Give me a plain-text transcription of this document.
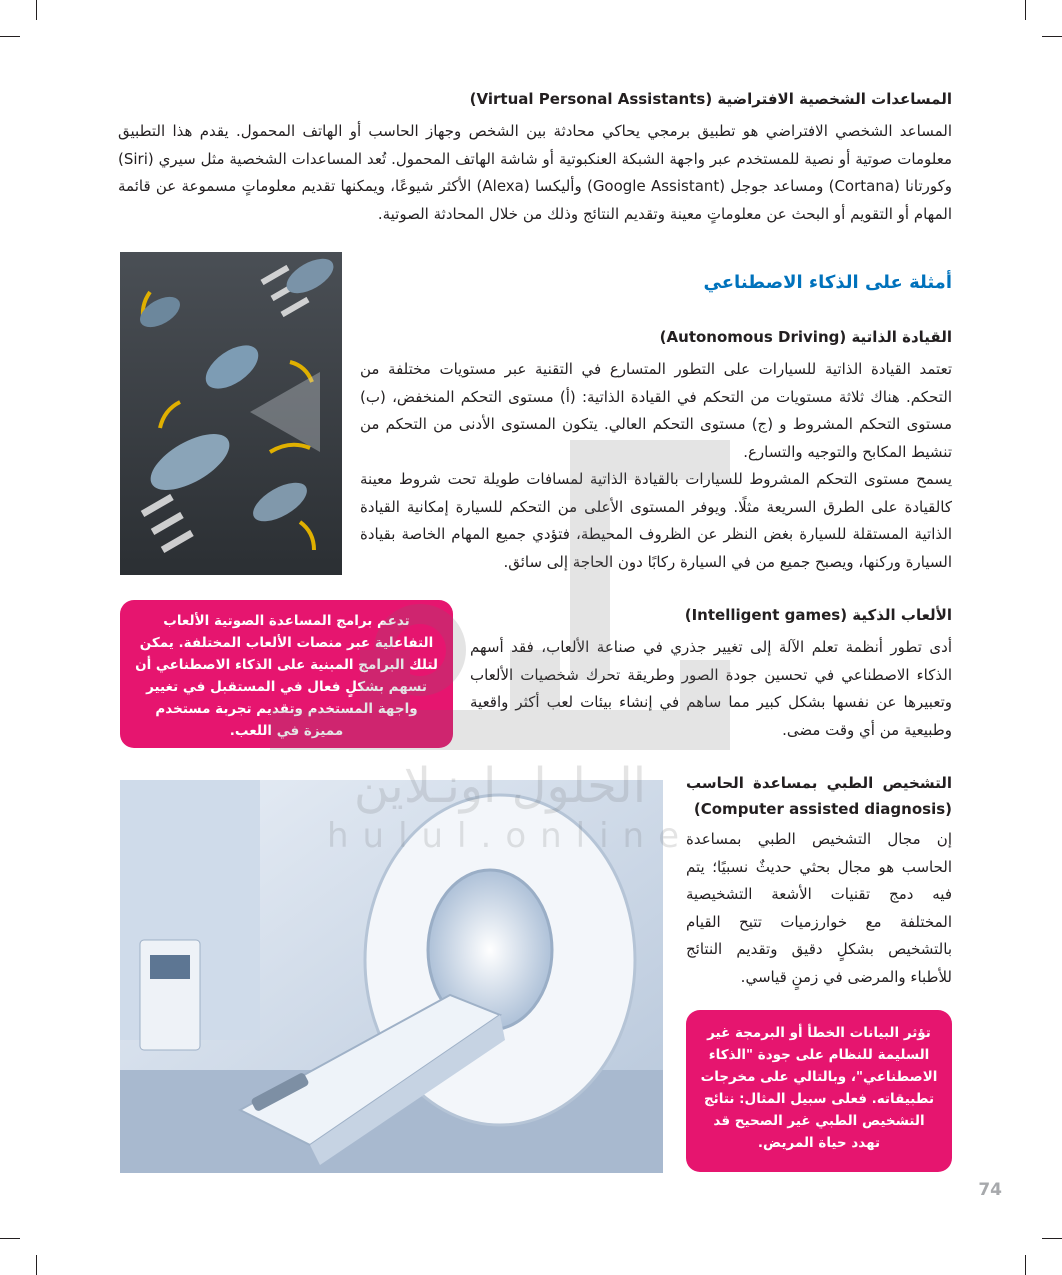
المساعدات الشخصية الافتراضية (Virtual Personal Assistants)
المساعد الشخصي الافتراضي هو تطبيق برمجي يحاكي محادثة بين الشخص وجهاز الحاسب أو الهاتف المحمول. يقدم هذا التطبيق معلومات صوتية أو نصية للمستخدم عبر واجهة الشبكة العنكبوتية أو شاشة الهاتف المحمول. تُعد المساعدات الشخصية مثل سيري (Siri) وكورتانا (Cortana) ومساعد جوجل (Google Assistant) وأليكسا (Alexa) الأكثر شيوعًا، ويمكنها تقديم معلوماتٍ مسموعة عن قائمة المهام أو التقويم أو البحث عن معلوماتٍ معينة وتقديم النتائج وذلك من خلال المحادثة الصوتية.
أمثلة على الذكاء الاصطناعي
القيادة الذاتية (Autonomous Driving)
تعتمد القيادة الذاتية للسيارات على التطور المتسارع في التقنية عبر مستويات مختلفة من التحكم. هناك ثلاثة مستويات من التحكم في القيادة الذاتية: (أ) مستوى التحكم المنخفض، (ب) مستوى التحكم المشروط و (ج) مستوى التحكم العالي. يتكون المستوى الأدنى من التحكم من تنشيط المكابح والتوجيه والتسارع.
يسمح مستوى التحكم المشروط للسيارات بالقيادة الذاتية لمسافات طويلة تحت شروط معينة كالقيادة على الطرق السريعة مثلًا. ويوفر المستوى الأعلى من التحكم للسيارة إمكانية القيادة الذاتية المستقلة للسيارة بغض النظر عن الظروف المحيطة، فتؤدي جميع المهام الخاصة بقيادة السيارة وركنها، ويصبح جميع من في السيارة ركابًا دون الحاجة إلى سائق.
تدعم برامج المساعدة الصوتية الألعاب التفاعلية عبر منصات الألعاب المختلفة. يمكن لتلك البرامج المبنية على الذكاء الاصطناعي أن تسهم بشكلٍ فعال في المستقبل في تغيير واجهة المستخدم وتقديم تجربة مستخدم مميزة في اللعب.
الألعاب الذكية (Intelligent games)
أدى تطور أنظمة تعلم الآلة إلى تغيير جذري في صناعة الألعاب، فقد أسهم الذكاء الاصطناعي في تحسين جودة الصور وطريقة تحرك شخصيات الألعاب وتعبيرها عن نفسها بشكل كبير مما ساهم في إنشاء بيئات لعب أكثر واقعية وطبيعية من أي وقت مضى.
التشخيص الطبي بمساعدة الحاسب
(Computer assisted diagnosis)
إن مجال التشخيص الطبي بمساعدة الحاسب هو مجال بحثي حديثٌ نسبيًا؛ يتم فيه دمج تقنيات الأشعة التشخيصية المختلفة مع خوارزميات تتيح القيام بالتشخيص بشكلٍ دقيق وتقديم النتائج للأطباء والمرضى في زمنٍ قياسي.
تؤثر البيانات الخطأ أو البرمجة غير السليمة للنظام على جودة "الذكاء الاصطناعي"، وبالتالي على مخرجات تطبيقاته. فعلى سبيل المثال: نتائج التشخيص الطبي غير الصحيح قد تهدد حياة المريض.
74
